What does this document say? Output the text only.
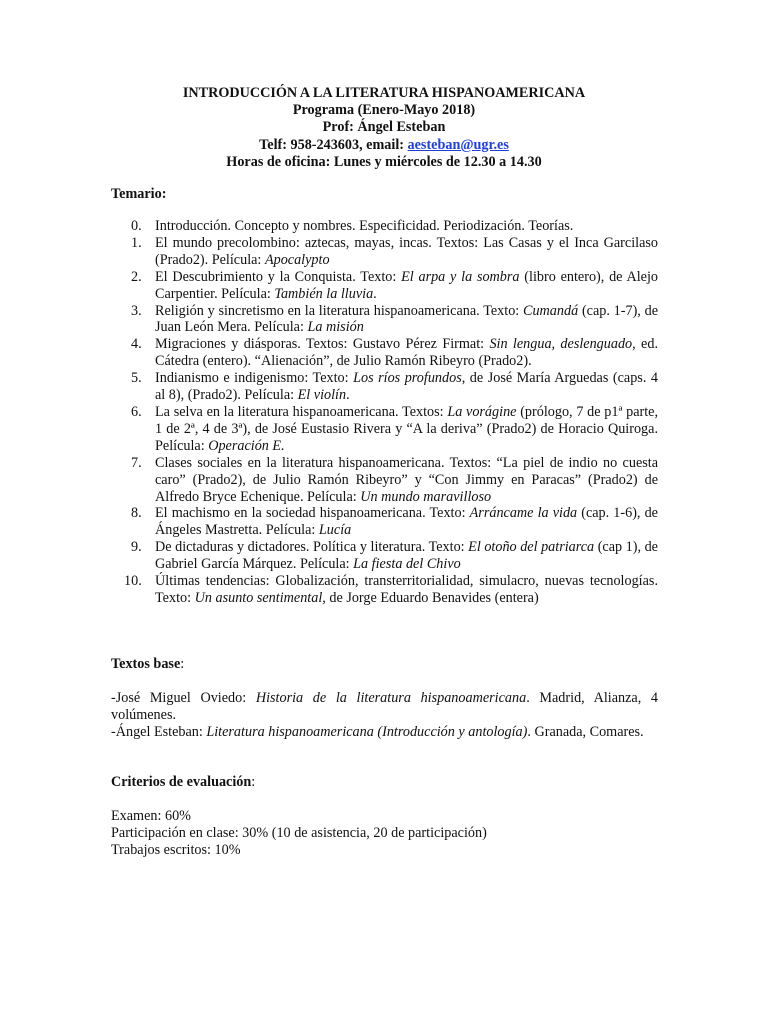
INTRODUCCIÓN A LA LITERATURA HISPANOAMERICANA
Programa (Enero-Mayo 2018)
Prof: Ángel Esteban
Telf: 958-243603, email: aesteban@ugr.es
Horas de oficina: Lunes y miércoles de 12.30 a 14.30
Temario:
0. Introducción. Concepto y nombres. Especificidad. Periodización. Teorías.
1. El mundo precolombino: aztecas, mayas, incas. Textos: Las Casas y el Inca Garcilaso (Prado2). Película: Apocalypto
2. El Descubrimiento y la Conquista. Texto: El arpa y la sombra (libro entero), de Alejo Carpentier. Película: También la lluvia.
3. Religión y sincretismo en la literatura hispanoamericana. Texto: Cumandá (cap. 1-7), de Juan León Mera. Película: La misión
4. Migraciones y diásporas. Textos: Gustavo Pérez Firmat: Sin lengua, deslenguado, ed. Cátedra (entero). “Alienación”, de Julio Ramón Ribeyro (Prado2).
5. Indianismo e indigenismo: Texto: Los ríos profundos, de José María Arguedas (caps. 4 al 8), (Prado2). Película: El violín.
6. La selva en la literatura hispanoamericana. Textos: La vorágine (prólogo, 7 de p1ª parte, 1 de 2ª, 4 de 3ª), de José Eustasio Rivera y “A la deriva” (Prado2) de Horacio Quiroga. Película: Operación E.
7. Clases sociales en la literatura hispanoamericana. Textos: “La piel de indio no cuesta caro” (Prado2), de Julio Ramón Ribeyro” y “Con Jimmy en Paracas” (Prado2) de Alfredo Bryce Echenique. Película: Un mundo maravilloso
8. El machismo en la sociedad hispanoamericana. Texto: Arráncame la vida (cap. 1-6), de Ángeles Mastretta. Película: Lucía
9. De dictaduras y dictadores. Política y literatura. Texto: El otoño del patriarca (cap 1), de Gabriel García Márquez. Película: La fiesta del Chivo
10. Últimas tendencias: Globalización, transterritorialidad, simulacro, nuevas tecnologías. Texto: Un asunto sentimental, de Jorge Eduardo Benavides (entera)
Textos base:
-José Miguel Oviedo: Historia de la literatura hispanoamericana. Madrid, Alianza, 4 volúmenes.
-Ángel Esteban: Literatura hispanoamericana (Introducción y antología). Granada, Comares.
Criterios de evaluación:
Examen: 60%
Participación en clase: 30% (10 de asistencia, 20 de participación)
Trabajos escritos: 10%
